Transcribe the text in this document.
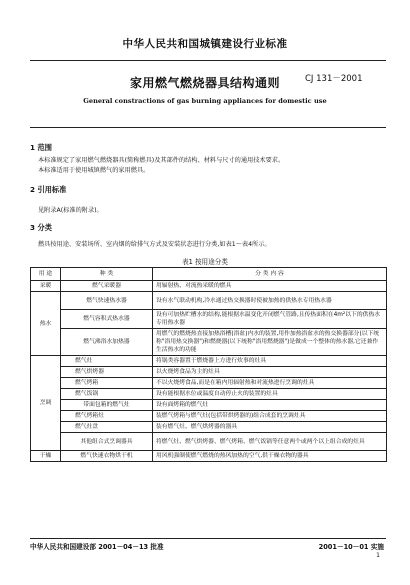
中华人民共和国城镇建设行业标准
家用燃气燃烧器具结构通则	CJ 131－2001
General constractions of gas burning appliances for domestic use
1 范围
本标准规定了家用燃气燃烧器具(简称燃具)及其部件的结构、材料与尺寸的通用技术要求。
本标准适用于使用城镇燃气的家用燃具。
2 引用标准
见附录A(标准的附录)。
3 分类
燃具按用途、安装场所、室内烟的给排气方式及安装状态进行分类,如表1～表4所示。
表1 按用途分类
用 途	种 类	分 类 内 容
采暖	燃气采暖器	用辐射热、对流热采暖的燃具
热水	燃气快速热水器	设有水气联动机构,冷水通过热交换器时使被加热的供热水专用热水器
	燃气容积式热水器	设有可加热贮槽水的结构,能根据水温变化开闭燃气管路,且传热面积在4m²以下的供热水专用热水器
	燃气沸浴水加热器	用燃气的燃烧热直接加热浴槽(浴盆)内水的装置,用作加热浴盆水的热交换器部分(以下统称"浴用热交换器")和燃烧器(以下统称"浴用燃烧器")是做成一个整体的热水器,它还兼作生活热水的功能
烹调	燃气灶	将锅类容器置于燃烧器上方进行炊事的灶具
	燃气烘烤器	以火烧烤食品为主的灶具
	燃气烤箱	不以火烧烤食品,而是在箱内用辐射热和对流热进行烹调的灶具
	燃气饭锅	设有能根据水位或温度自动停止火的装置的灶具
	带面包箱的燃气灶	设有面烤箱的燃气灶
	燃气烤箱灶	装燃气烤箱与燃气灶(包括带烘烤器的)组合成套的烹调灶具
	燃气灶盘	装有燃气灶、燃气烘烤器的器具
	其他组合式烹调器具	将燃气灶、燃气烘烤器、燃气烤箱、燃气饭锅等任意两个或两个以上组合成的灶具
干燥	燃气快速衣物烘干机	用风机强制使燃气燃烧的热风加热的空气,供干燥衣物的器具
中华人民共和国建设部 2001－04－13 批准	2001－10－01 实施
1
